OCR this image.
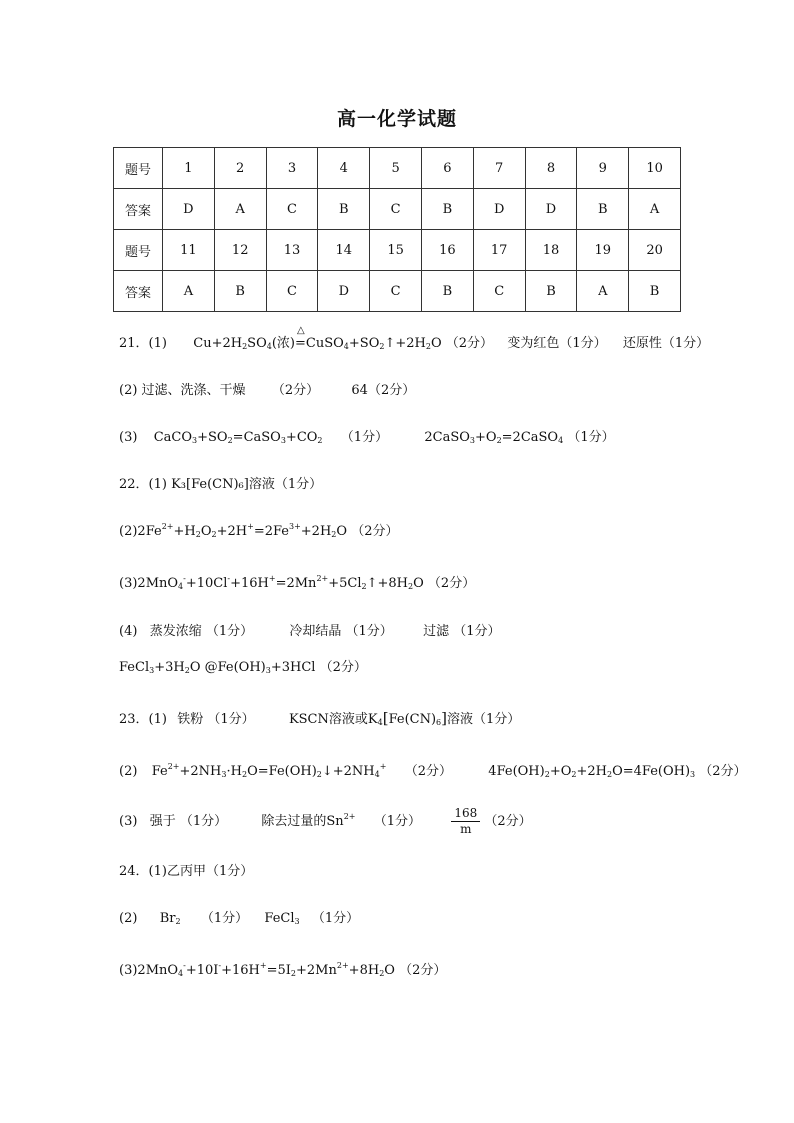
高一化学试题
题号	1	2	3	4	5	6	7	8	9	10
答案	D	A	C	B	C	B	D	D	B	A
题号	11	12	13	14	15	16	17	18	19	20
答案	A	B	C	D	C	B	C	B	A	B
21．(1) $Cu+2H_2SO_4$(浓)
△
$=CuSO_4+SO_2↑+2H_2O$ （2分） 变为红色（1分） 还原性（1分）
(2) 过滤、洗涤、干燥 （2分） 64（2分）
(3) $CaCO_3+SO_2=CaSO_3+CO_2$ （1分）	$2CaSO_3+O_2=2CaSO_4$ （1分）
22．(1) K₃[Fe(CN)₆]溶液（1分）
$(2)2Fe^{2+}+H_2O_2+2H^+=2Fe^{3+}+2H_2O$ （2分）
$(3)2MnO_4^-+10Cl^-+16H^+=2Mn^{2+}+5Cl_2↑+8H_2O$ （2分）
(4) 蒸发浓缩 （1分）	冷却结晶 （1分） 过滤 （1分）
$FeCl_3+3H_2O$ $@Fe(OH)_3+3HCl$ （2分）
23．(1) 铁粉 （1分）	KSCN溶液或$K_4[Fe(CN)_6]$溶液（1分）
(2) $Fe^{2+}+2NH_3\cdot H_2O=Fe(OH)_2↓+2NH_4^+$ （2分）	$4Fe(OH)_2+O_2+2H_2O=4Fe(OH)_3$ （2分）
(3) 强于 （1分）	除去过量的$Sn^{2+}$ （1分）	$\frac{168}{m} (2$分）
24．(1)乙丙甲（1分）
(2) $Br_2$ （1分） FeCl$_3$ （1分）
$(3)2MnO_4^-+10I^-+16H^+=5I_2+2Mn^{2+}+8H_2O$ （2分）
